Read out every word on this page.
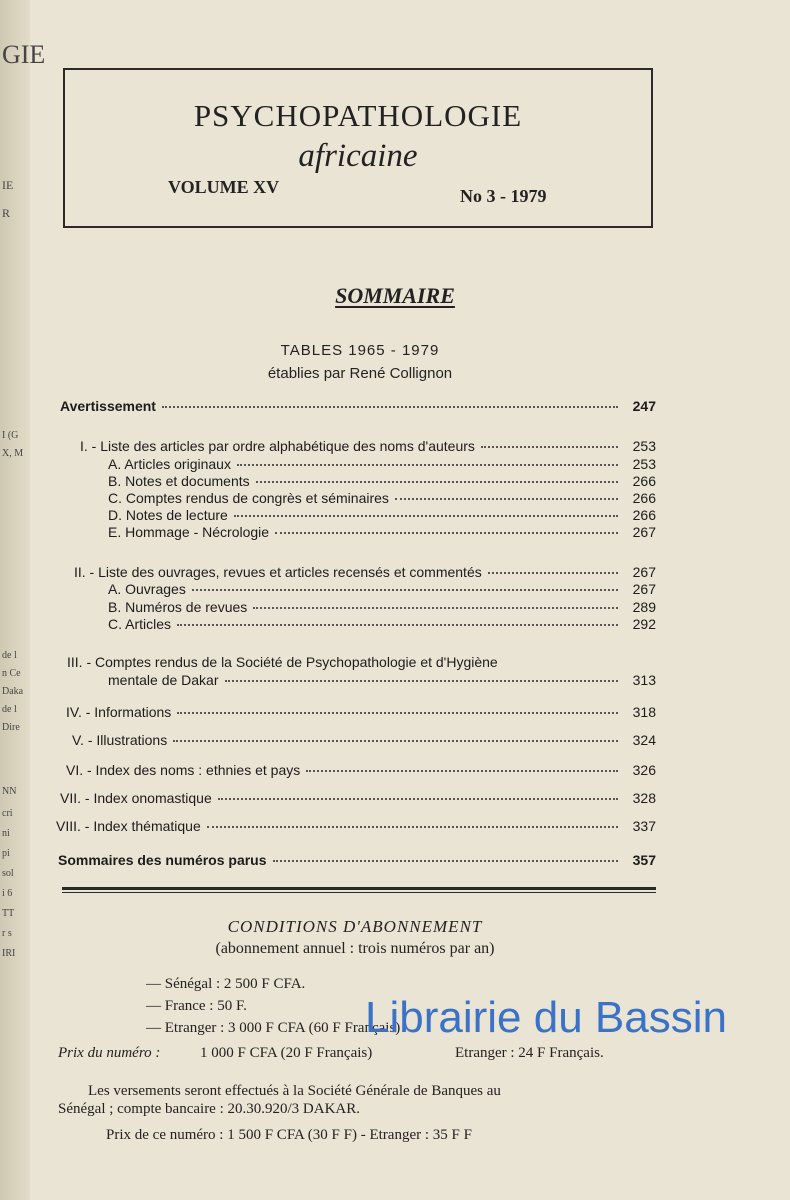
GIE
IE
R
I (G
X, M
de l
n Ce
Daka
de l
Dire
NN
cri
ni
pi
sol
i 6
TT
r s
IRI
PSYCHOPATHOLOGIE
africaine
VOLUME XV	No 3 - 1979
SOMMAIRE
TABLES 1965 - 1979
établies par René Collignon
Avertissement	247
I. - Liste des articles par ordre alphabétique des noms d'auteurs	253
A. Articles originaux	253
B. Notes et documents	266
C. Comptes rendus de congrès et séminaires	266
D. Notes de lecture	266
E. Hommage - Nécrologie	267
II. - Liste des ouvrages, revues et articles recensés et commentés	267
A. Ouvrages	267
B. Numéros de revues	289
C. Articles	292
III. - Comptes rendus de la Société de Psychopathologie et d'Hygiène
mentale de Dakar	313
IV. - Informations	318
V. - Illustrations	324
VI. - Index des noms : ethnies et pays	326
VII. - Index onomastique	328
VIII. - Index thématique	337
Sommaires des numéros parus	357
CONDITIONS D'ABONNEMENT
(abonnement annuel : trois numéros par an)
— Sénégal : 2 500 F CFA.
— France : 50 F.
— Etranger : 3 000 F CFA (60 F Français)
Prix du numéro :	1 000 F CFA (20 F Français)	Etranger : 24 F Français.
Les versements seront effectués à la Société Générale de Banques au
Sénégal ; compte bancaire : 20.30.920/3 DAKAR.
Prix de ce numéro : 1 500 F CFA (30 F F) - Etranger : 35 F F
Librairie du Bassin
